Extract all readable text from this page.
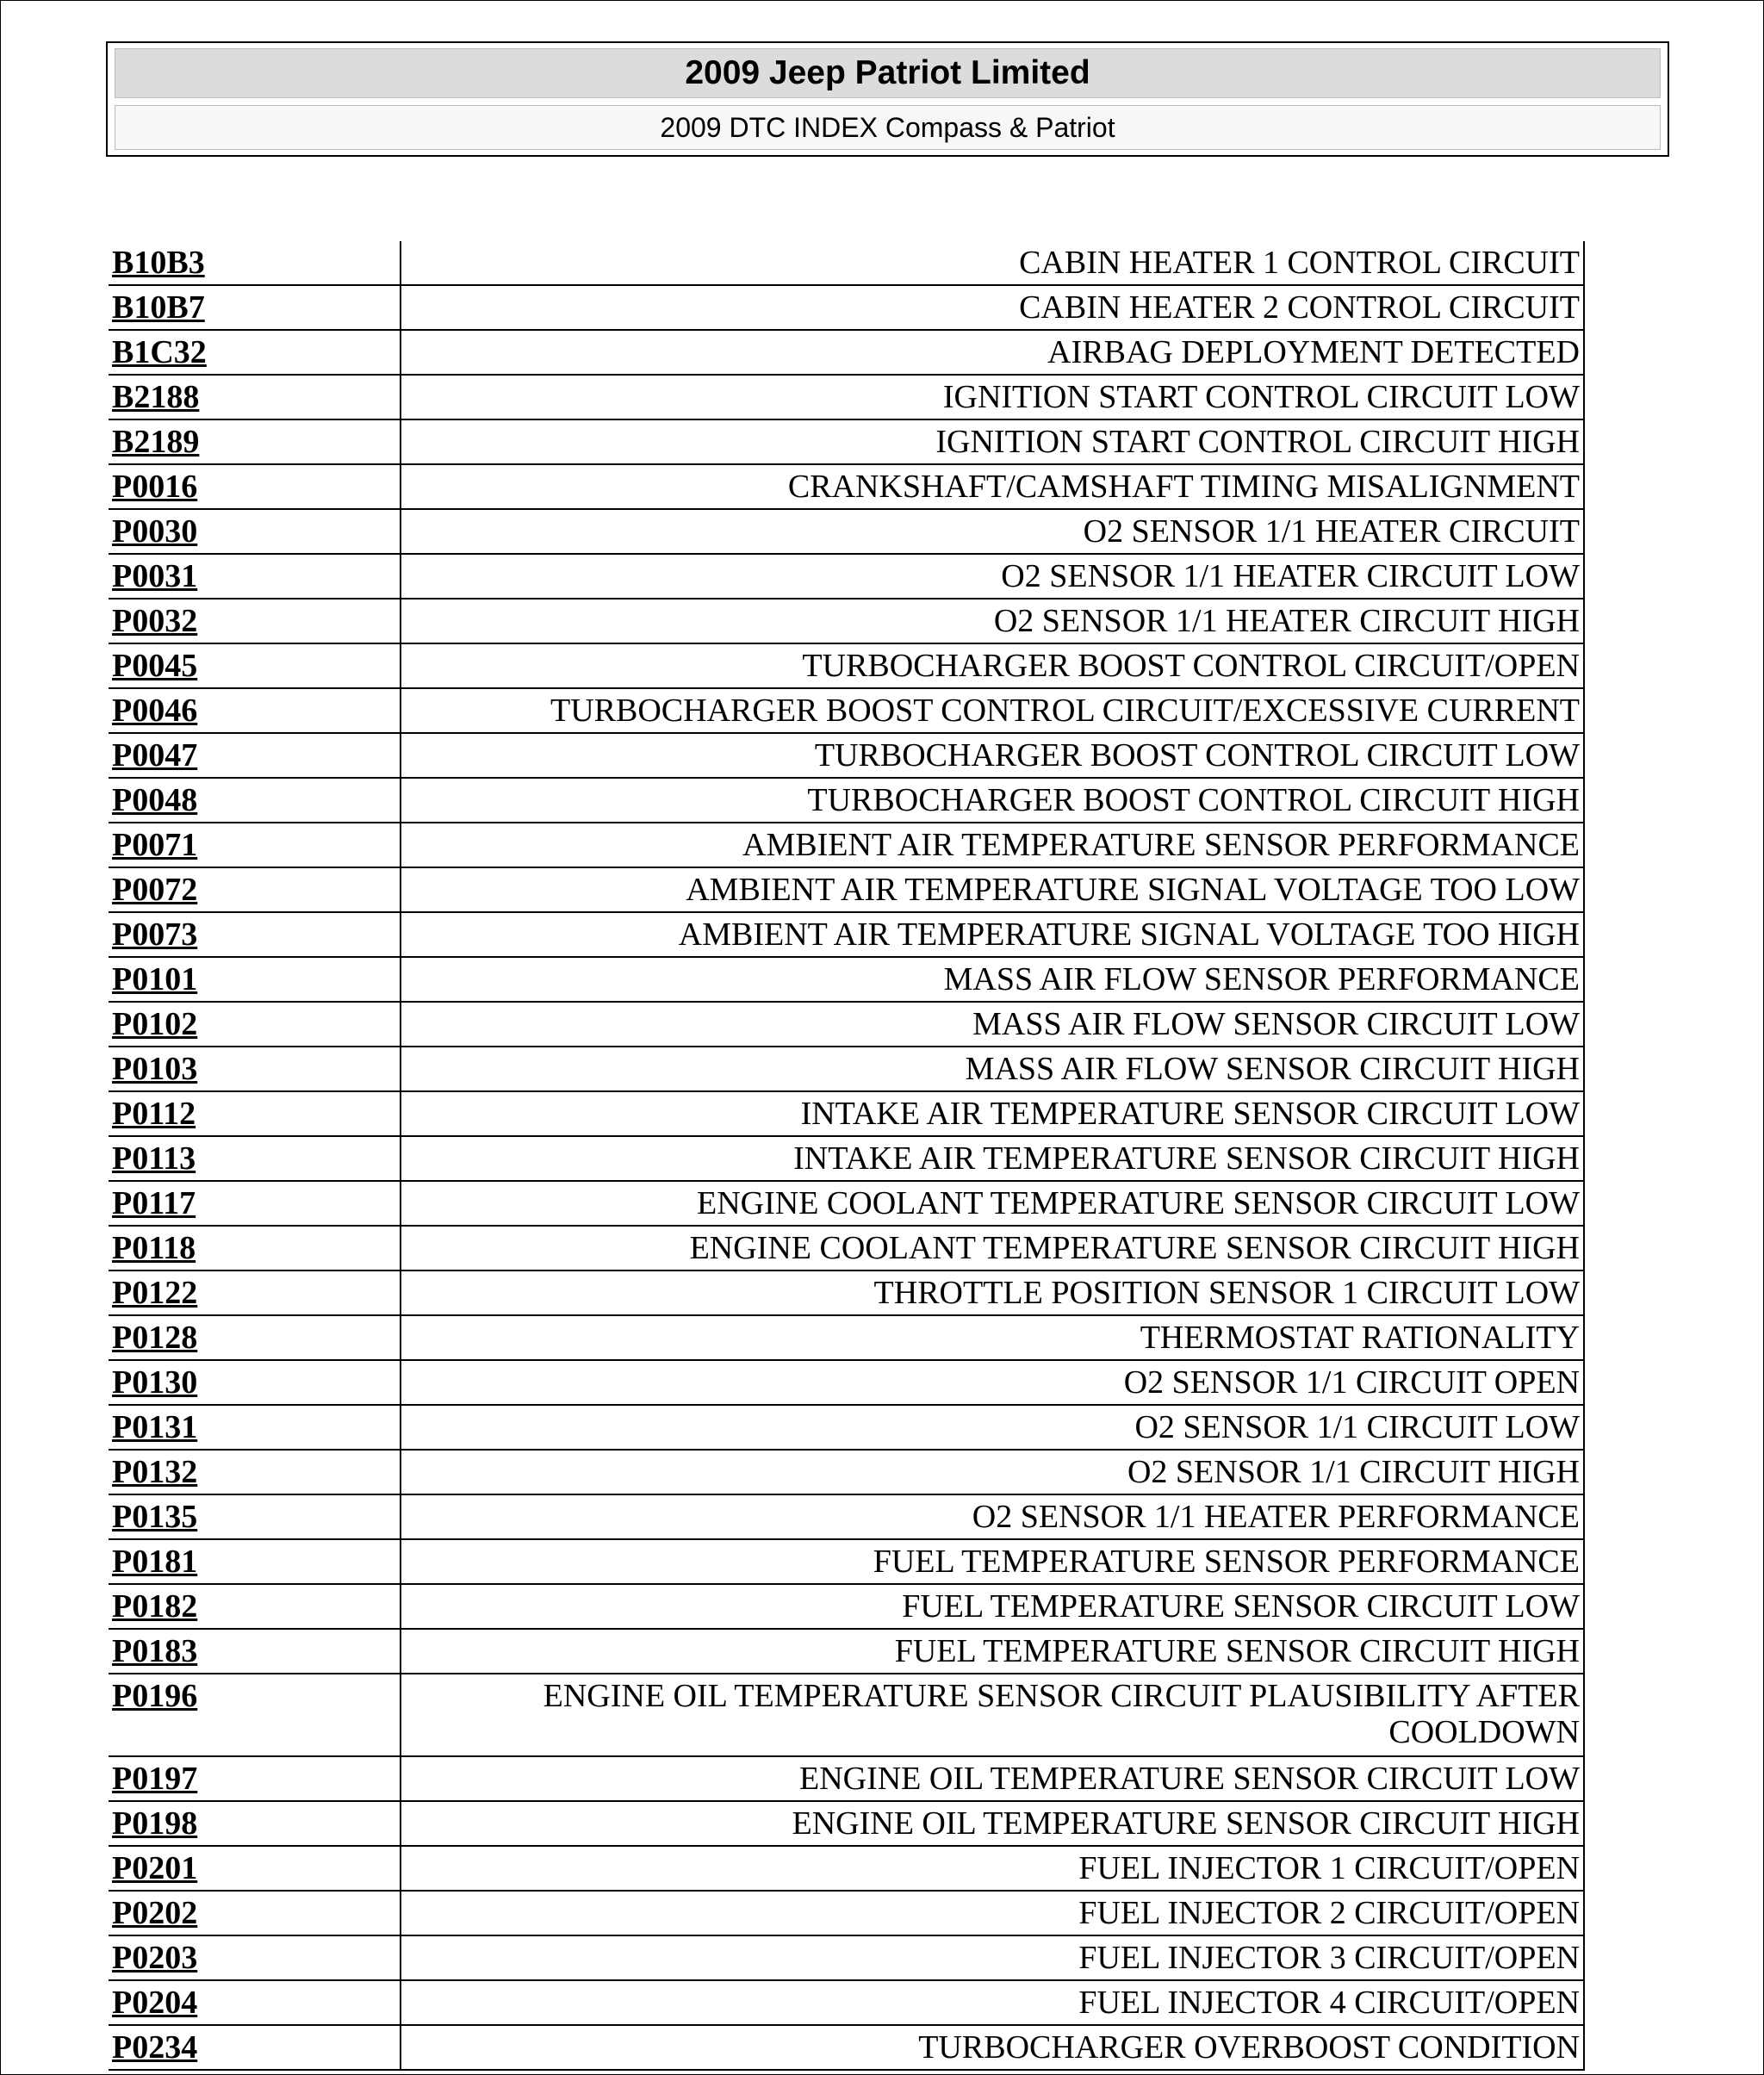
2009 Jeep Patriot Limited
2009 DTC INDEX Compass & Patriot
B10B3	CABIN HEATER 1 CONTROL CIRCUIT
B10B7	CABIN HEATER 2 CONTROL CIRCUIT
B1C32	AIRBAG DEPLOYMENT DETECTED
B2188	IGNITION START CONTROL CIRCUIT LOW
B2189	IGNITION START CONTROL CIRCUIT HIGH
P0016	CRANKSHAFT/CAMSHAFT TIMING MISALIGNMENT
P0030	O2 SENSOR 1/1 HEATER CIRCUIT
P0031	O2 SENSOR 1/1 HEATER CIRCUIT LOW
P0032	O2 SENSOR 1/1 HEATER CIRCUIT HIGH
P0045	TURBOCHARGER BOOST CONTROL CIRCUIT/OPEN
P0046	TURBOCHARGER BOOST CONTROL CIRCUIT/EXCESSIVE CURRENT
P0047	TURBOCHARGER BOOST CONTROL CIRCUIT LOW
P0048	TURBOCHARGER BOOST CONTROL CIRCUIT HIGH
P0071	AMBIENT AIR TEMPERATURE SENSOR PERFORMANCE
P0072	AMBIENT AIR TEMPERATURE SIGNAL VOLTAGE TOO LOW
P0073	AMBIENT AIR TEMPERATURE SIGNAL VOLTAGE TOO HIGH
P0101	MASS AIR FLOW SENSOR PERFORMANCE
P0102	MASS AIR FLOW SENSOR CIRCUIT LOW
P0103	MASS AIR FLOW SENSOR CIRCUIT HIGH
P0112	INTAKE AIR TEMPERATURE SENSOR CIRCUIT LOW
P0113	INTAKE AIR TEMPERATURE SENSOR CIRCUIT HIGH
P0117	ENGINE COOLANT TEMPERATURE SENSOR CIRCUIT LOW
P0118	ENGINE COOLANT TEMPERATURE SENSOR CIRCUIT HIGH
P0122	THROTTLE POSITION SENSOR 1 CIRCUIT LOW
P0128	THERMOSTAT RATIONALITY
P0130	O2 SENSOR 1/1 CIRCUIT OPEN
P0131	O2 SENSOR 1/1 CIRCUIT LOW
P0132	O2 SENSOR 1/1 CIRCUIT HIGH
P0135	O2 SENSOR 1/1 HEATER PERFORMANCE
P0181	FUEL TEMPERATURE SENSOR PERFORMANCE
P0182	FUEL TEMPERATURE SENSOR CIRCUIT LOW
P0183	FUEL TEMPERATURE SENSOR CIRCUIT HIGH
P0196	ENGINE OIL TEMPERATURE SENSOR CIRCUIT PLAUSIBILITY AFTER COOLDOWN
P0197	ENGINE OIL TEMPERATURE SENSOR CIRCUIT LOW
P0198	ENGINE OIL TEMPERATURE SENSOR CIRCUIT HIGH
P0201	FUEL INJECTOR 1 CIRCUIT/OPEN
P0202	FUEL INJECTOR 2 CIRCUIT/OPEN
P0203	FUEL INJECTOR 3 CIRCUIT/OPEN
P0204	FUEL INJECTOR 4 CIRCUIT/OPEN
P0234	TURBOCHARGER OVERBOOST CONDITION
